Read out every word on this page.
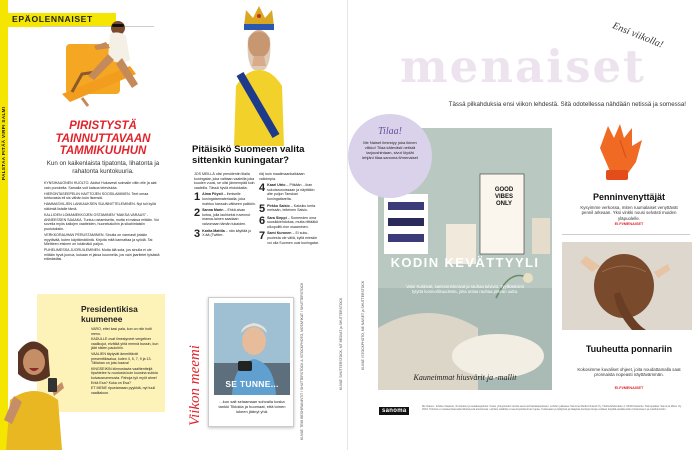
EPÄOLENNAISET
PALSTAA PITÄÄ VIRPI SALMI	PIRISTYSTÄ
TAINNUTTAVAAN
TAMMIKUUHUN
Kun on kaikenlaista tipatonta, lihatonta ja rahatonta kuntokuuria.

KYNSIHAUONEN HUOLTO. Aloitut Hukavesti solmalle viitin elle ja alat vain purokelta. Samalla voit katsoa televisiota.

HIERONTASEEPELIN HAITTOJEN SOOSILAMMIEN. Teet omaa tuhtovasta eli sis vähän kuin lisensiä.

HAMMASVILJEN LANKAUKSEN SUUNNITTELEMINEN. Nyt tuli kyllä näkimiä listalle tämä.

KALLIOEN LOMAMEKKOJEN OSTAMINEN "MAKSA VARAUS" -ANNEESSEN SAAAKA. Tuntuu ostamiselta, mutta ei maksa mitään. Voi sovella myös kallojen vaatteiden, huonekaluihin ja sikahintaisiin puolutuksiin.

VERKKORAUHAN PERUSTAMINEN. Sinulla on varmasti jotakin myytävää, kuten käyttämätöntä. Kirjoita mitä kannattaa ja syödä. Tai: Mietiteen etsinen on lokkinäkö paljon.

PUHELIMESSA JUORUILEMINEN. Mutta älä sota, jos sinulla ei ole mitään hyvä juorua, kukaan ei jaksa kuunnella, jos vain jaaritelet tylsästä elämästäsi.

Presidentikisa
kuumenee

VARO, ettei kasi pala, kun on niin hoiti meno.

KADULLE ovat ilmestyneet vergetiver vaalikojut, eivätkä yhtä mennä bussin, kun jäät niiden pauloihin.

VAALIEN täytyvät ämmittävät presenttikisalua, kuten 4, 5, 7, 9 ja 13. Tällahan on joku kaava!

KINGSEIKIN kiinnostavia vaalitentteijä tipahtelee tv-ruudusta kuin kuusina sukkia kuivausrummusta. Pahoja työ myöt ahne! Entä Esa? Kuka on Esa?

ET MENE ripustamaan pyykkiä, nyt tuuli vaalitaloon.

Pitäisikö Suomeen valita sittenkin kuningatar?

JOS MEILLÄ olisi presidentin tilalla kuningatar, joka valitaan vaaleilla joka kuuden vuosi, se olisi jännempää kuin vaaleilla. Tässä hyviä ehdokkaita:

1 Alma Pöysti – ihmiselle kuningatarmateriaalia, joka mahtuu kansain-väliseen paikkiin.
2 Sanna Marin – Ehkä aivan kotoa, jolla lauhkeksi ruvennut mansa-lainen saadaan valvomaan tämän tukaiden.
3 Karita Mattila – nän käyttää jo X:ää (Twitter-

riä) kuin maailmaankaikkaan valloimpia.

4 Kaari Utrio – Pitkään ...ihan sukutarunoissaan ja näyttäkin alte puijon Tanskan kuningattarelta.
5 Pirkko Saisio – Kaksiko kerta meissän, teiteinen Saisio.
6 Sara Sieppi – Someeden oma suosikkiehdokas, mutta riittääkö ulkopolitii-rion osaaminen.
7 Sami Kuronen – Ei suku-puolesta ole väliä, kyllä mieskin voi olla Suomen uusi kuningatar.
Viikon meemi	SE TUNNE...
...kun sait selaamaan sohvalla koska tankki Tiktokia ja huomaat, että toinen lukeen jäänyt yhä.	KUVAT: TEMI BESHIRANINTIT / SHUTTERSTOCK & ISTOCKPHOTO, MOTAFIKAT / SHUTTERSTOCK	KUVAT: SHUTTERSTOCK, MT MEDIAT ja SHUTTERSTOCK
menaiset
Ensi viikolla!
Tässä pilkahduksia ensi viikon lehdestä. Sitä odotellessa nähdään netissä ja somessa!
GOOD
VIBES
ONLY
KODIN KEVÄTTYYLI
Valo! Kukkivat, sammonninoivat ja rauhaa tulvivat. Tyylikästoimi tytyttä luonnollisuudesta, joka antaa rauhaa pirteän uutta.
Kauneimmat hiusvärit ja -mallit
KUVAT: ISTOCKPHOTO, ME NAISET ja SHUTTERSTOCK
Tilaa!
Me Naiset ilmestyy joka ikinen viikko! Tilaa kätevästi netistä tarjoushintaan, sivut löydät lehjäni tilaa.sanoma.fi/menaiset
Penninvenyttäjät
Kysyimme verkossa, miten ruumalaiset venyttävät pennil arkeaan. Yksi vinkki nousi selvästi muiden yläpuolelle.
EI.FI/MENAISET
Tuuheutta ponnariin
Kokosimme kuvaliset ohjeet, joita noudattamalla saat pronnaista nopeasti näyttävämmän.
EI.FI/MENAISET
sanoma
Me Naiset - lehden tilaukset, ilmoitukset ja asiakaspalvelu: Katso yhteystiedot sivulta sanoma.fi/asiakaspalvelu. Lehden julkaisee Sanoma Media Finland Oy, Töölönlahdenkatu 2, 00100 Helsinki. Painopaikka: Sanoma Manu Oy 2024. Toimitus ei vastaa tilaamatta lähetetystä aineistosta. Lehden sisältöä ei saa kopioida ilman lupaa. Uudestaan ja lukijoista ja tilaajista koottuja tietoja voidaan käyttää asiakkuuden hoitamiseen ja markkinointiin.
